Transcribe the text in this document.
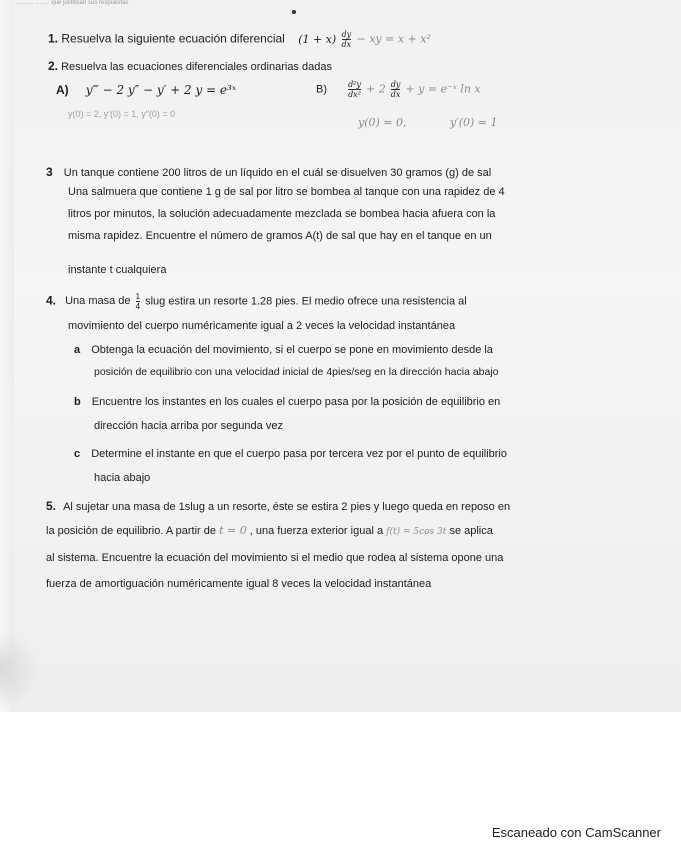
……… ……· que justifican sus respuestas
1. Resuelva la siguiente ecuación diferencial $(1 + x) \frac{dy}{dx}$ − xy = x + x²
2. Resuelva las ecuaciones diferenciales ordinarias dadas
A) y‴ − 2 y″ − y′ + 2 y = e³ˣ
y(0) = 2, y′(0) = 1, y″(0) = 0
B)	$\frac{\text{d²y}}{\text{dx²}} + 2 \frac{dy}{dx} + y$ = e⁻ˣ ln x
y(0) = 0,	y′(0) = 1
3 Un tanque contiene 200 litros de un líquido en el cuál se disuelven 30 gramos (g) de sal
Una salmuera que contiene 1 g de sal por litro se bombea al tanque con una rapidez de 4
litros por minutos, la solución adecuadamente mezclada se bombea hacia afuera con la
misma rapidez. Encuentre el número de gramos A(t) de sal que hay en el tanque en un
instante t cualquiera
4. Una masa de $\frac{1}{4}$ slug estira un resorte 1.28 pies. El medio ofrece una resistencia al
movimiento del cuerpo numéricamente igual a 2 veces la velocidad instantánea
a Obtenga la ecuación del movimiento, si el cuerpo se pone en movimiento desde la
posición de equilibrio con una velocidad inicial de 4pies/seg en la dirección hacia abajo
b Encuentre los instantes en los cuales el cuerpo pasa por la posición de equilibrio en
dirección hacia arriba por segunda vez
c Determine el instante en que el cuerpo pasa por tercera vez por el punto de equilibrio
hacia abajo
5. Al sujetar una masa de 1slug a un resorte, éste se estira 2 pies y luego queda en reposo en
la posición de equilibrio. A partir de t = 0 , una fuerza exterior igual a f(t) = 5cos 3t se aplica
al sistema. Encuentre la ecuación del movimiento si el medio que rodea al sistema opone una
fuerza de amortiguación numéricamente igual 8 veces la velocidad instantánea
Escaneado con CamScanner
